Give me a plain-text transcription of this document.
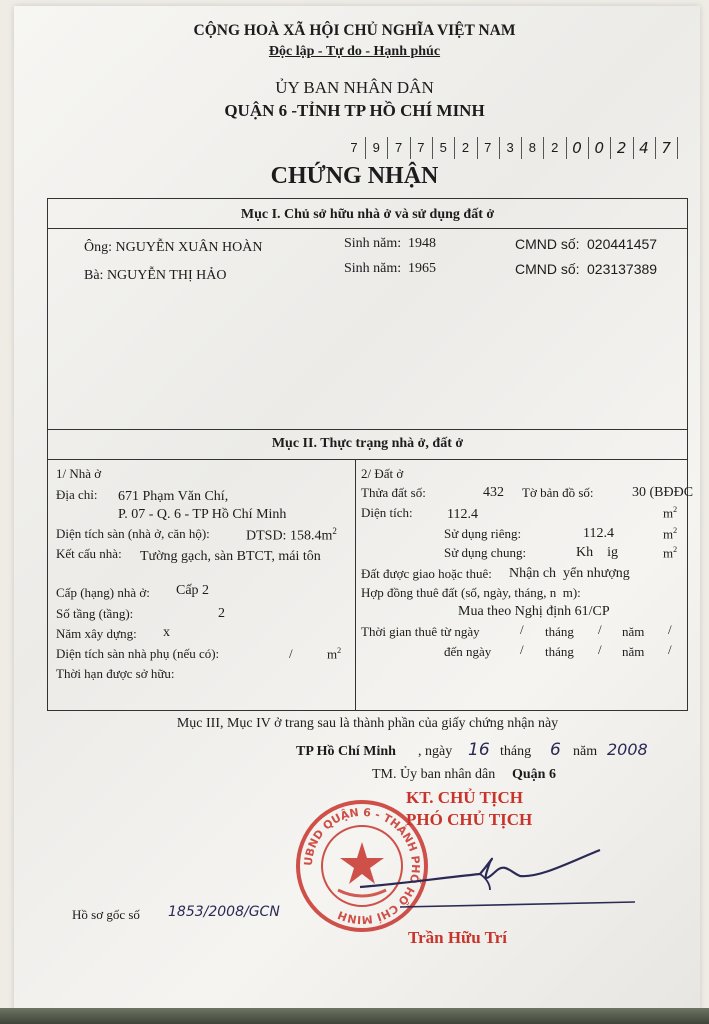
CỘNG HOÀ XÃ HỘI CHỦ NGHĨA VIỆT NAM
Độc lập - Tự do - Hạnh phúc
ỦY BAN NHÂN DÂN
QUẬN 6 -TỈNH TP HỒ CHÍ MINH
7	9	7	7	5	2	7	3	8	2 0 0 2 4 7
CHỨNG NHẬN
Mục I. Chủ sở hữu nhà ở và sử dụng đất ở
Ông: NGUYỄN XUÂN HOÀN	Sinh năm: 1948	CMND số: 020441457
Bà: NGUYỄN THỊ HẢO	Sinh năm: 1965	CMND số: 023137389
Mục II. Thực trạng nhà ở, đất ở
1/ Nhà ở
Địa chỉ: 671 Phạm Văn Chí,
P. 07 - Q. 6 - TP Hồ Chí Minh
Diện tích sàn (nhà ở, căn hộ):	DTSD: $158.4m^2$
Kết cấu nhà: Tường gạch, sàn BTCT, mái tôn
Cấp (hạng) nhà ở: Cấp 2
Số tầng (tầng):	2
Năm xây dựng: x
Diện tích sàn nhà phụ (nếu có):	/	$m^2$
Thời hạn được sở hữu:
2/ Đất ở
Thửa đất số:	432 Tờ bản đồ số:	30 (BĐĐC
Diện tích: 112.4	$m^2$
Sử dụng riêng:	112.4	$m^2$
Sử dụng chung:	Kh    ig	$m^2$
Đất được giao hoặc thuê: Nhận ch  yển nhượng
Hợp đồng thuê đất (số, ngày, tháng, n  m):
Mua theo Nghị định 61/CP
Thời gian thuê từ ngày	/ tháng / năm /
đến ngày / tháng / năm /
Mục III, Mục IV ở trang sau là thành phần của giấy chứng nhận này
TP Hồ Chí Minh , ngày 16 tháng 6 năm 2008
TM. Ủy ban nhân dân Quận 6
KT. CHỦ TỊCH
PHÓ CHỦ TỊCH
UBND QUẬN 6 - THÀNH PHỐ HỒ CHÍ MINH
Trần Hữu Trí
Hồ sơ gốc số 1853/2008/GCN
